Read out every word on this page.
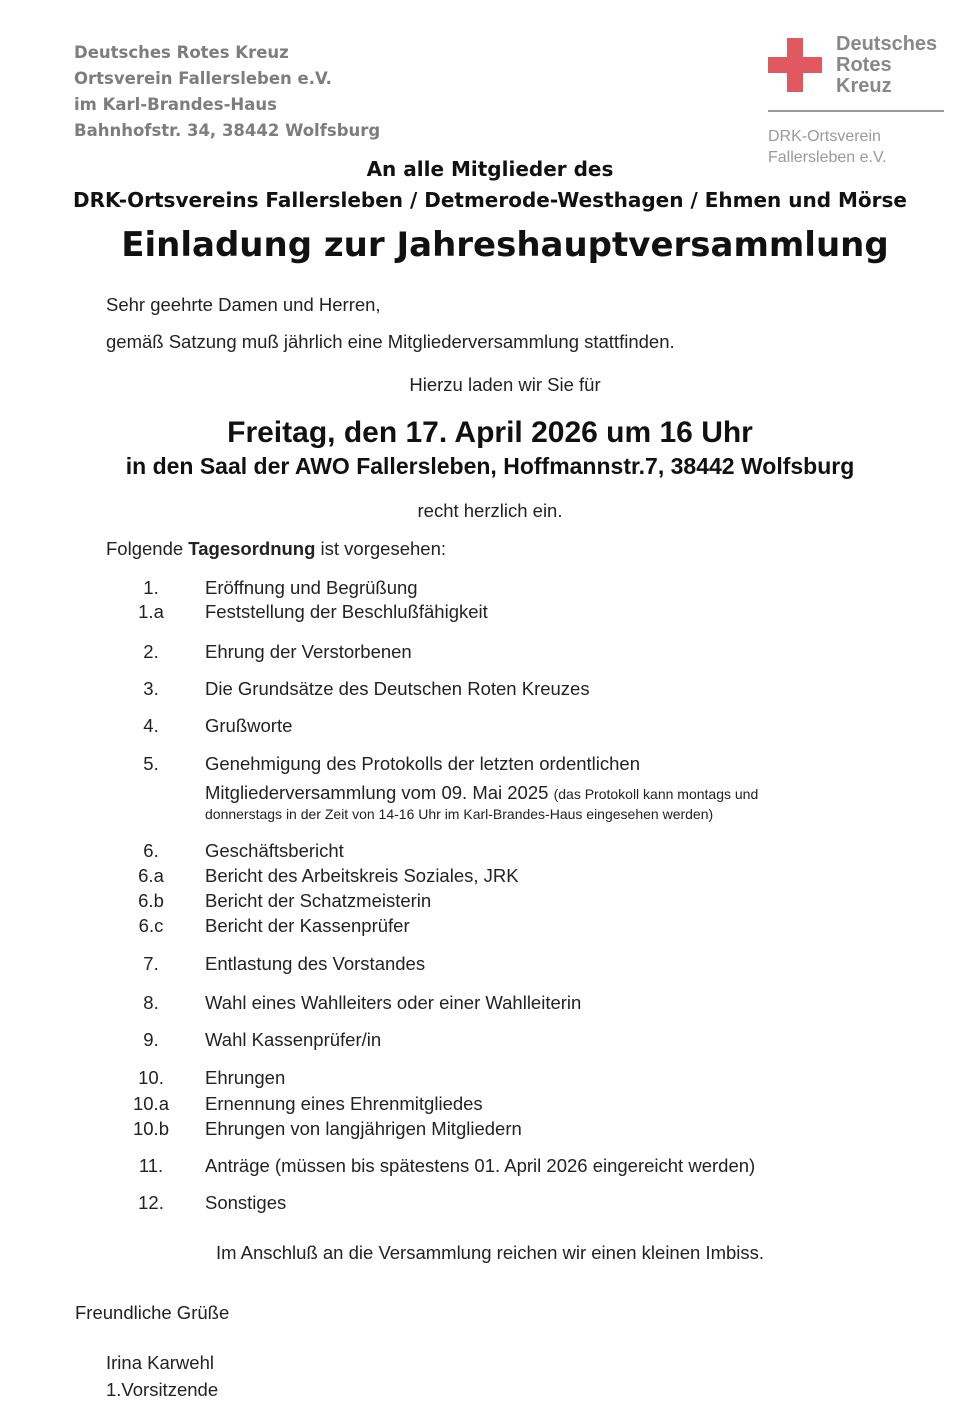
Deutsches Rotes Kreuz
Ortsverein Fallersleben e.V.
im Karl-Brandes-Haus
Bahnhofstr. 34, 38442 Wolfsburg
Deutsches
Rotes
Kreuz
DRK-Ortsverein
Fallersleben e.V.
An alle Mitglieder des
DRK-Ortsvereins Fallersleben / Detmerode-Westhagen / Ehmen und Mörse
Einladung zur Jahreshauptversammlung
Sehr geehrte Damen und Herren,
gemäß Satzung muß jährlich eine Mitgliederversammlung stattfinden.
Hierzu laden wir Sie für
Freitag, den 17. April 2026 um 16 Uhr
in den Saal der AWO Fallersleben, Hoffmannstr.7, 38442 Wolfsburg
recht herzlich ein.
Folgende Tagesordnung ist vorgesehen:
1.	Eröffnung und Begrüßung
1.a	Feststellung der Beschlußfähigkeit
2.	Ehrung der Verstorbenen
3.	Die Grundsätze des Deutschen Roten Kreuzes
4.	Grußworte
5.	Genehmigung des Protokolls der letzten ordentlichen
Mitgliederversammlung vom 09. Mai 2025 (das Protokoll kann montags und
donnerstags in der Zeit von 14-16 Uhr im Karl-Brandes-Haus eingesehen werden)
6.	Geschäftsbericht
6.a	Bericht des Arbeitskreis Soziales, JRK
6.b	Bericht der Schatzmeisterin
6.c	Bericht der Kassenprüfer
7.	Entlastung des Vorstandes
8.	Wahl eines Wahlleiters oder einer Wahlleiterin
9.	Wahl Kassenprüfer/in
10.	Ehrungen
10.a	Ernennung eines Ehrenmitgliedes
10.b	Ehrungen von langjährigen Mitgliedern
11.	Anträge (müssen bis spätestens 01. April 2026 eingereicht werden)
12.	Sonstiges
Im Anschluß an die Versammlung reichen wir einen kleinen Imbiss.
Freundliche Grüße
Irina Karwehl
1.Vorsitzende
